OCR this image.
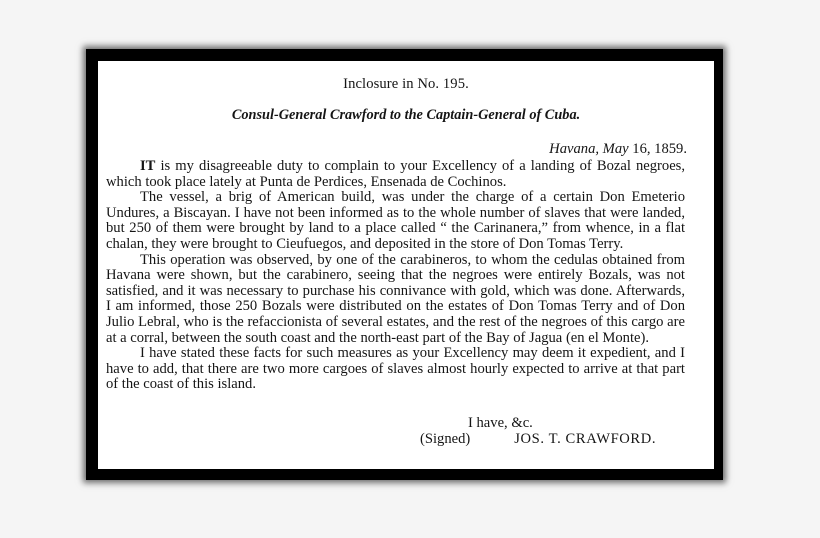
Inclosure in No. 195.
Consul-General Crawford to the Captain-General of Cuba.
Havana, May 16, 1859.

IT is my disagreeable duty to complain to your Excellency of a landing of Bozal negroes, which took place lately at Punta de Perdices, Ensenada de Cochinos.

The vessel, a brig of American build, was under the charge of a certain Don Emeterio Undures, a Biscayan. I have not been informed as to the whole number of slaves that were landed, but 250 of them were brought by land to a place called “ the Carinanera,” from whence, in a flat chalan, they were brought to Cieufuegos, and deposited in the store of Don Tomas Terry.

This operation was observed, by one of the carabineros, to whom the cedulas obtained from Havana were shown, but the carabinero, seeing that the negroes were entirely Bozals, was not satisfied, and it was necessary to purchase his connivance with gold, which was done. Afterwards, I am informed, those 250 Bozals were distributed on the estates of Don Tomas Terry and of Don Julio Lebral, who is the refaccionista of several estates, and the rest of the negroes of this cargo are at a corral, between the south coast and the north-east part of the Bay of Jagua (en el Monte).

I have stated these facts for such measures as your Excellency may deem it expedient, and I have to add, that there are two more cargoes of slaves almost hourly expected to arrive at that part of the coast of this island.

I have, &c.
(Signed)	JOS. T. CRAWFORD.
